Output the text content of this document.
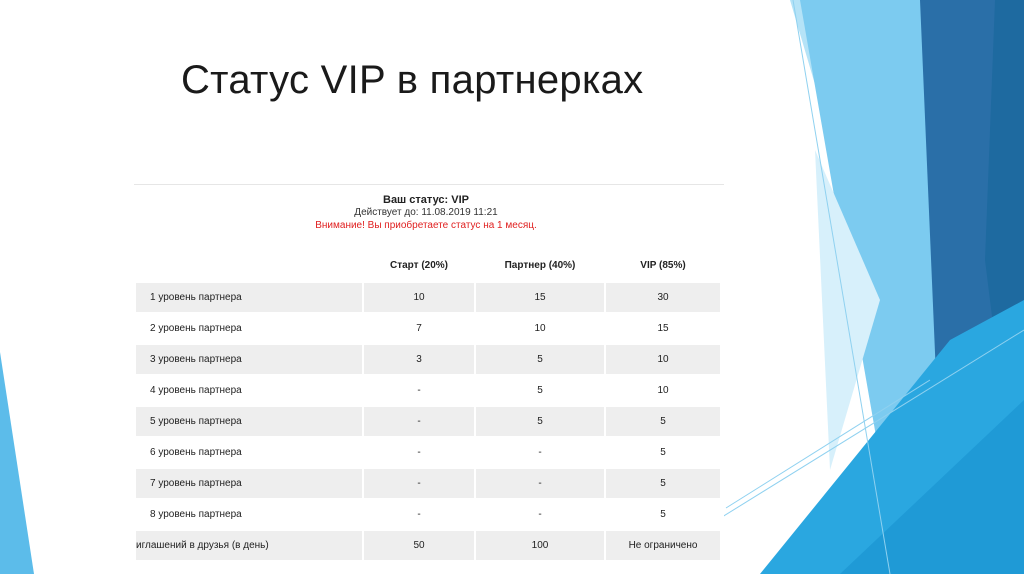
Статус VIP в партнерках
Ваш статус: VIP
Действует до: 11.08.2019 11:21
Внимание! Вы приобретаете статус на 1 месяц.
	Старт (20%)	Партнер (40%)	VIP (85%)
1 уровень партнера	10	15	30
2 уровень партнера	7	10	15
3 уровень партнера	3	5	10
4 уровень партнера	-	5	10
5 уровень партнера	-	5	5
6 уровень партнера	-	-	5
7 уровень партнера	-	-	5
8 уровень партнера	-	-	5
иглашений в друзья (в день)	50	100	Не ограничено
